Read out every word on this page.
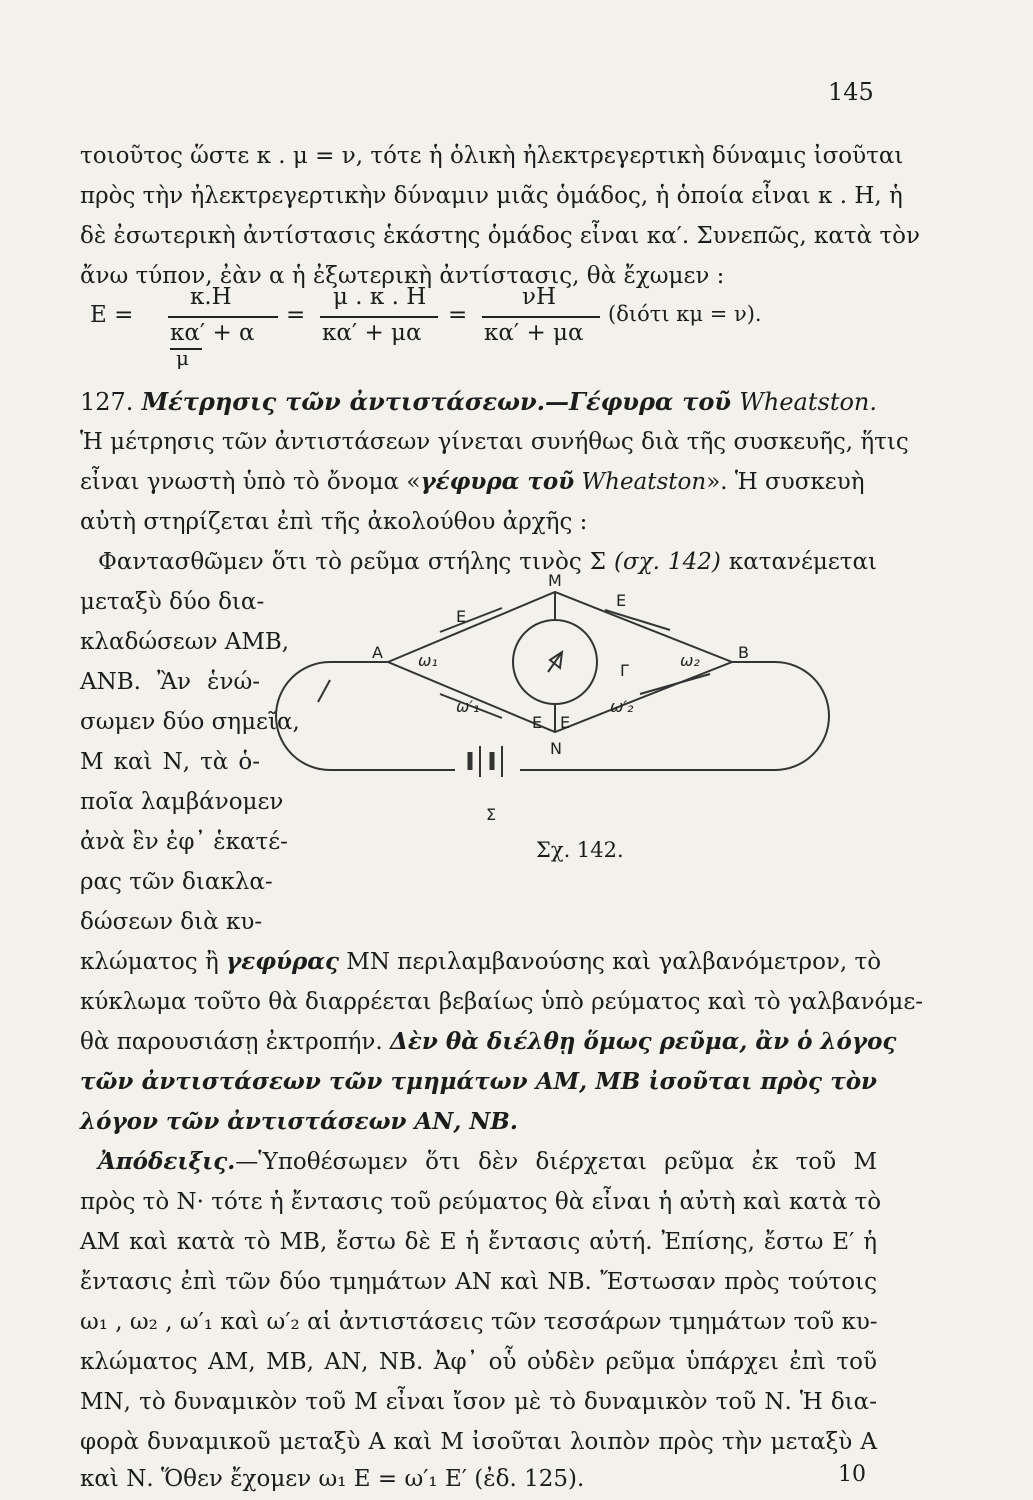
145
τοιοῦτος ὥστε κ . μ = ν, τότε ἡ ὁλικὴ ἠλεκτρεγερτικὴ δύναμις ἰσοῦται
πρὸς τὴν ἠλεκτρεγερτικὴν δύναμιν μιᾶς ὁμάδος, ἡ ὁποία εἶναι κ . Η, ἡ
δὲ ἐσωτερικὴ ἀντίστασις ἑκάστης ὁμάδος εἶναι κα′. Συνεπῶς, κατὰ τὸν
ἄνω τύπον, ἐὰν α ἡ ἐξωτερικὴ ἀντίστασις, θὰ ἔχωμεν :
E =
κ.Η
κα′ + α
μ
=
μ . κ . Η
κα′ + μα
=
νΗ
κα′ + μα
(διότι κμ = ν).
127. Μέτρησις τῶν ἀντιστάσεων.—Γέφυρα τοῦ Wheatston.
Ἡ μέτρησις τῶν ἀντιστάσεων γίνεται συνήθως διὰ τῆς συσκευῆς, ἥτις
εἶναι γνωστὴ ὑπὸ τὸ ὄνομα «γέφυρα τοῦ Wheatston». Ἡ συσκευὴ
αὐτὴ στηρίζεται ἐπὶ τῆς ἀκολούθου ἀρχῆς :
Φαντασθῶμεν ὅτι τὸ ρεῦμα στήλης τινὸς Σ (σχ. 142) κατανέμεται
μεταξὺ δύο δια-
κλαδώσεων ΑΜΒ,
ΑΝΒ. Ἂν ἑνώ-
σωμεν δύο σημεῖα,
Μ καὶ Ν, τὰ ὁ-
ποῖα λαμβάνομεν
ἀνὰ ἓν ἐφ᾽ ἑκατέ-
ρας τῶν διακλα-
δώσεων διὰ κυ-
M
N
A	B
Γ
Σ
E
E
E E
ω₁	ω₂
ω′₁	ω′₂
Σχ. 142.
κλώματος ἢ γεφύρας ΜΝ περιλαμβανούσης καὶ γαλβανόμετρον, τὸ
κύκλωμα τοῦτο θὰ διαρρέεται βεβαίως ὑπὸ ρεύματος καὶ τὸ γαλβανόμε-
θὰ παρουσιάσῃ ἐκτροπήν. Δὲν θὰ διέλθῃ ὅμως ρεῦμα, ἂν ὁ λόγος
τῶν ἀντιστάσεων τῶν τμημάτων ΑΜ, ΜΒ ἰσοῦται πρὸς τὸν
λόγον τῶν ἀντιστάσεων ΑΝ, ΝΒ.
Ἀπόδειξις.—Ὑποθέσωμεν ὅτι δὲν διέρχεται ρεῦμα ἐκ τοῦ Μ
πρὸς τὸ Ν· τότε ἡ ἔντασις τοῦ ρεύματος θὰ εἶναι ἡ αὐτὴ καὶ κατὰ τὸ
ΑΜ καὶ κατὰ τὸ ΜΒ, ἔστω δὲ Ε ἡ ἔντασις αὐτή. Ἐπίσης, ἔστω Ε′ ἡ
ἔντασις ἐπὶ τῶν δύο τμημάτων ΑΝ καὶ ΝΒ. Ἔστωσαν πρὸς τούτοις
ω₁ , ω₂ , ω′₁ καὶ ω′₂ αἱ ἀντιστάσεις τῶν τεσσάρων τμημάτων τοῦ κυ-
κλώματος ΑΜ, ΜΒ, ΑΝ, ΝΒ. Ἀφ᾽ οὗ οὐδὲν ρεῦμα ὑπάρχει ἐπὶ τοῦ
ΜΝ, τὸ δυναμικὸν τοῦ Μ εἶναι ἴσον μὲ τὸ δυναμικὸν τοῦ Ν. Ἡ δια-
φορὰ δυναμικοῦ μεταξὺ Α καὶ Μ ἰσοῦται λοιπὸν πρὸς τὴν μεταξὺ Α
καὶ Ν. Ὅθεν ἔχομεν ω₁ Ε = ω′₁ Ε′ (ἐδ. 125).	10
